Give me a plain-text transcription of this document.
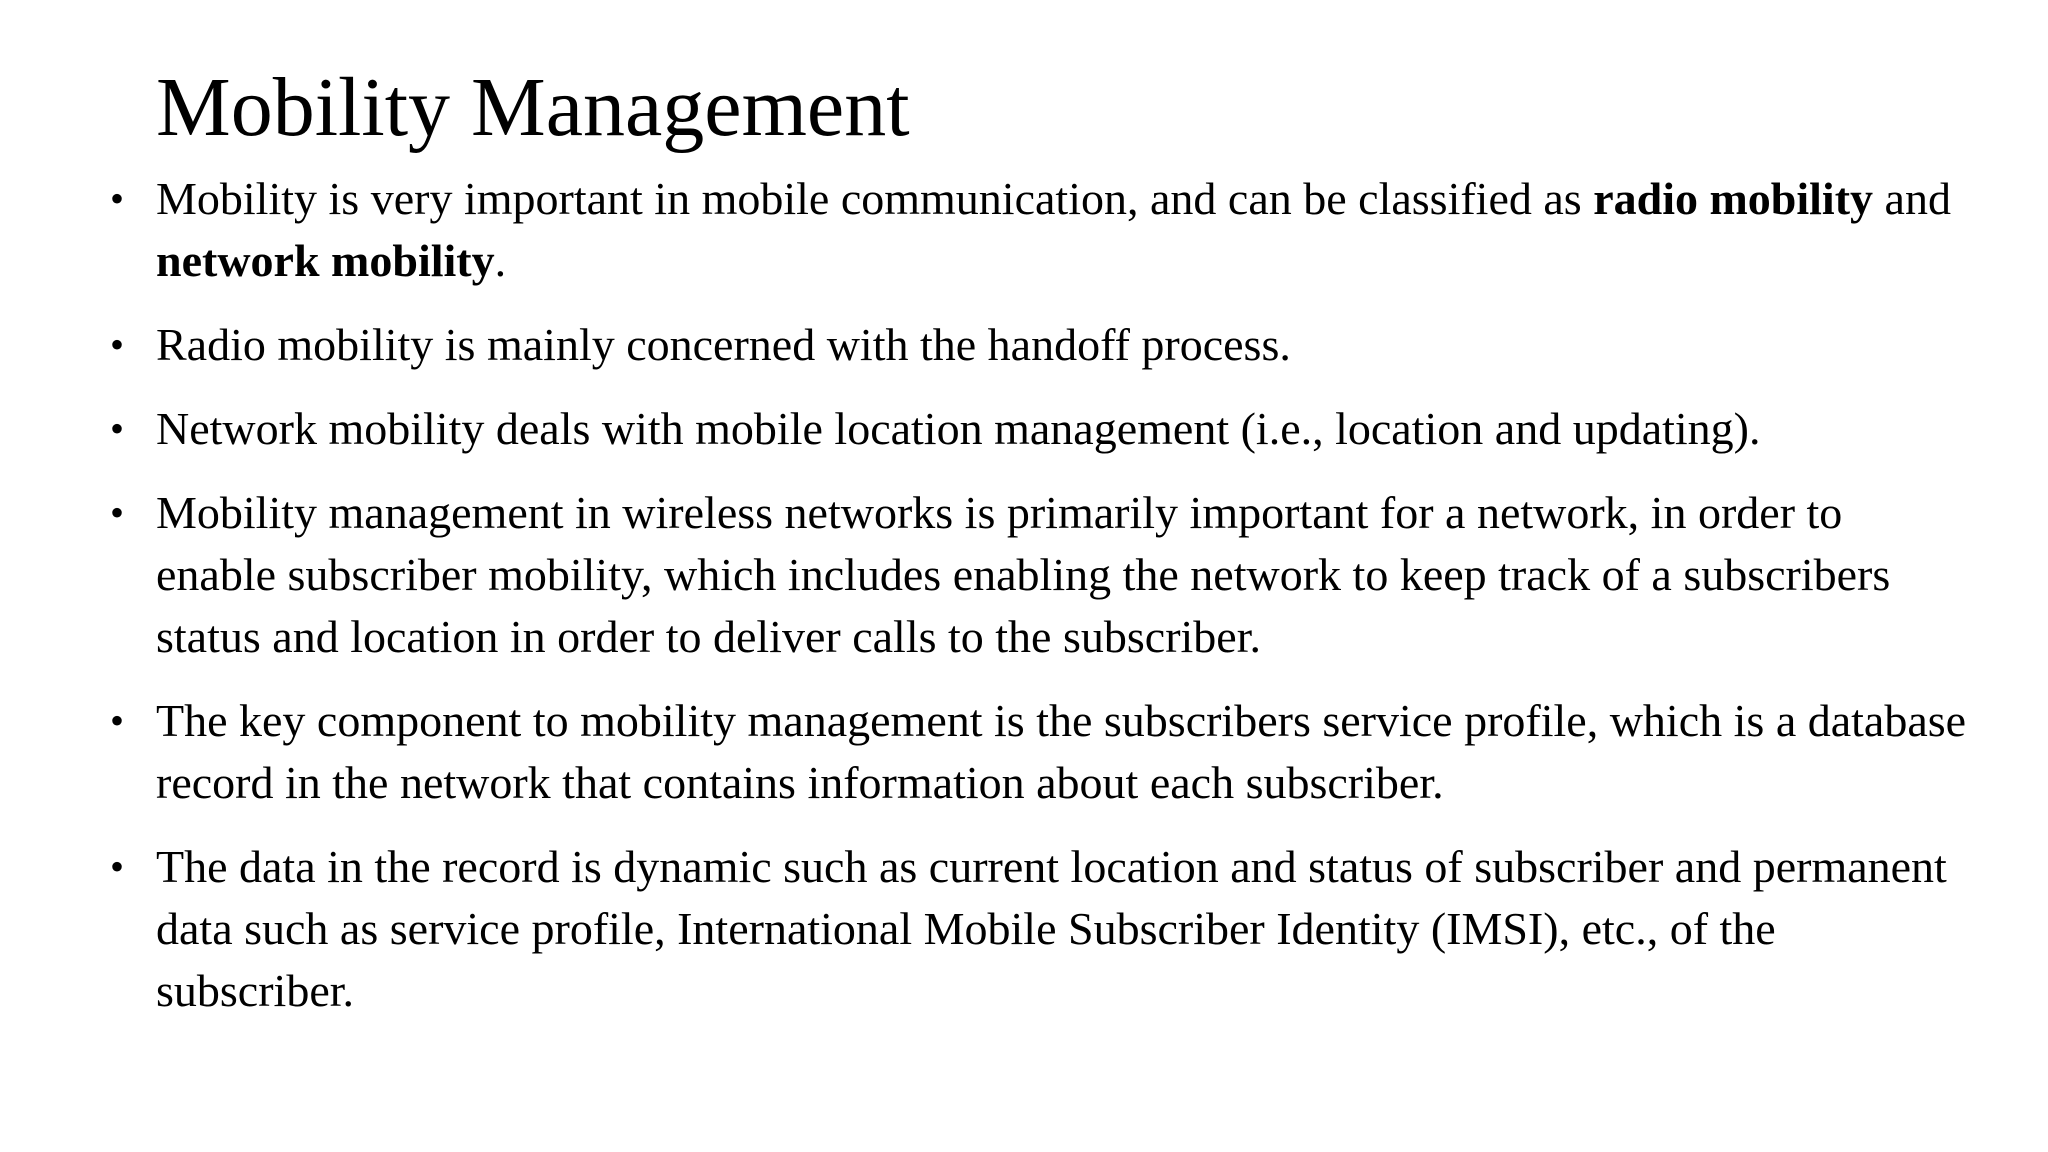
Mobility Management
• Mobility is very important in mobile communication, and can be classified as radio mobility and network mobility.
• Radio mobility is mainly concerned with the handoff process.
• Network mobility deals with mobile location management (i.e., location and updating).
• Mobility management in wireless networks is primarily important for a network, in order to enable subscriber mobility, which includes enabling the network to keep track of a subscribers status and location in order to deliver calls to the subscriber.
• The key component to mobility management is the subscribers service profile, which is a database record in the network that contains information about each subscriber.
• The data in the record is dynamic such as current location and status of subscriber and permanent data such as service profile, International Mobile Subscriber Identity (IMSI), etc., of the subscriber.
